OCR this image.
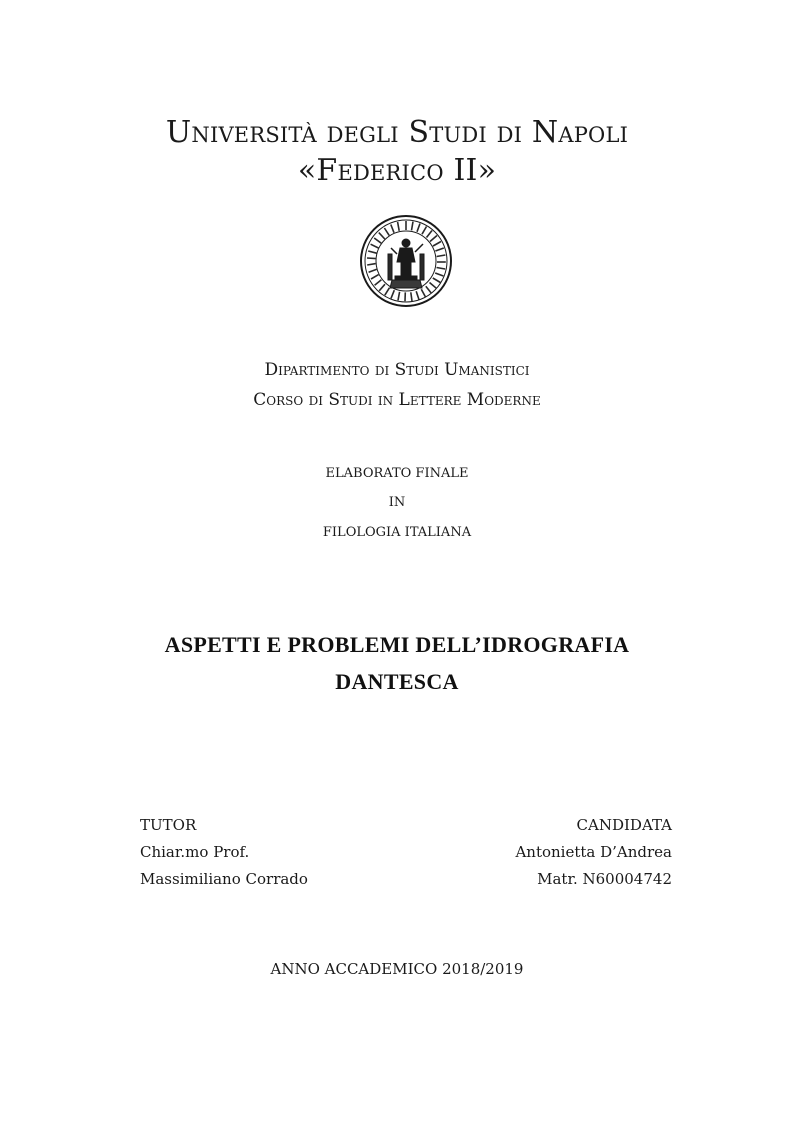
Università degli Studi di Napoli
«Federico II»
Dipartimento di Studi Umanistici
Corso di Studi in Lettere Moderne
ELABORATO FINALE
IN
FILOLOGIA ITALIANA
ASPETTI E PROBLEMI DELL’IDROGRAFIA
DANTESCA
TUTOR
Chiar.mo Prof.
Massimiliano Corrado
CANDIDATA
Antonietta D’Andrea
Matr. N60004742
ANNO ACCADEMICO 2018/2019
